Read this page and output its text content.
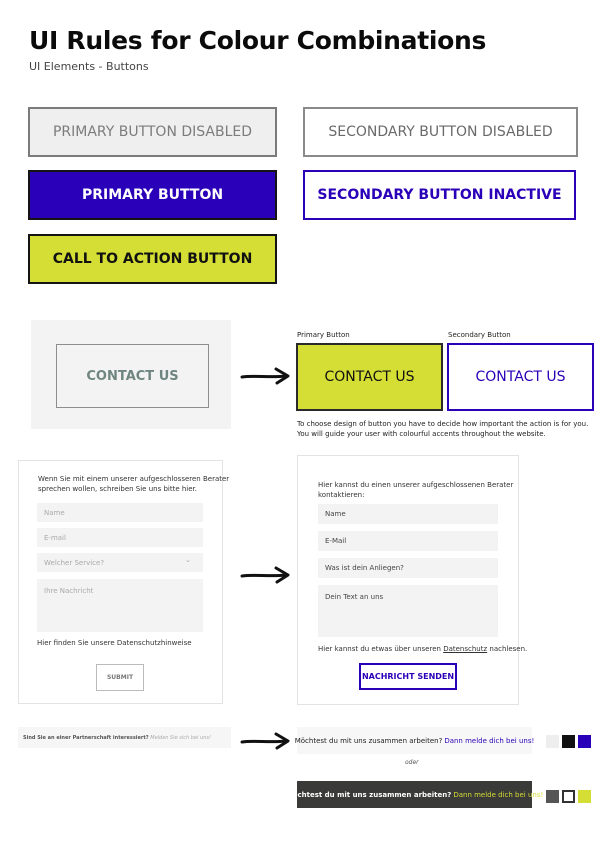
UI Rules for Colour Combinations
UI Elements - Buttons
PRIMARY BUTTON DISABLED	SECONDARY BUTTON DISABLED
PRIMARY BUTTON	SECONDARY BUTTON INACTIVE
CALL TO ACTION BUTTON
CONTACT US
Primary Button	Secondary Button
CONTACT US	CONTACT US
To choose design of button you have to decide how important the action is for you.
You will guide your user with colourful accents throughout the website.
Wenn Sie mit einem unserer aufgeschlosseren Berater
sprechen wollen, schreiben Sie uns bitte hier.
Name
E-mail
Welcher Service?	⌄
Ihre Nachricht
Hier finden Sie unsere Datenschutzhinweise
SUBMIT
Hier kannst du einen unserer aufgeschlossenen Berater
kontaktieren:
Name
E-Mail
Was ist dein Anliegen?
Dein Text an uns
Hier kannst du etwas über unseren Datenschutz nachlesen.
NACHRICHT SENDEN
Sind Sie an einer Partnerschaft interessiert?
Melden Sie sich bei uns!	Möchtest du mit uns zusammen arbeiten? Dann melde dich bei uns!
oder
Möchtest du mit uns zusammen arbeiten? Dann melde dich bei uns!
